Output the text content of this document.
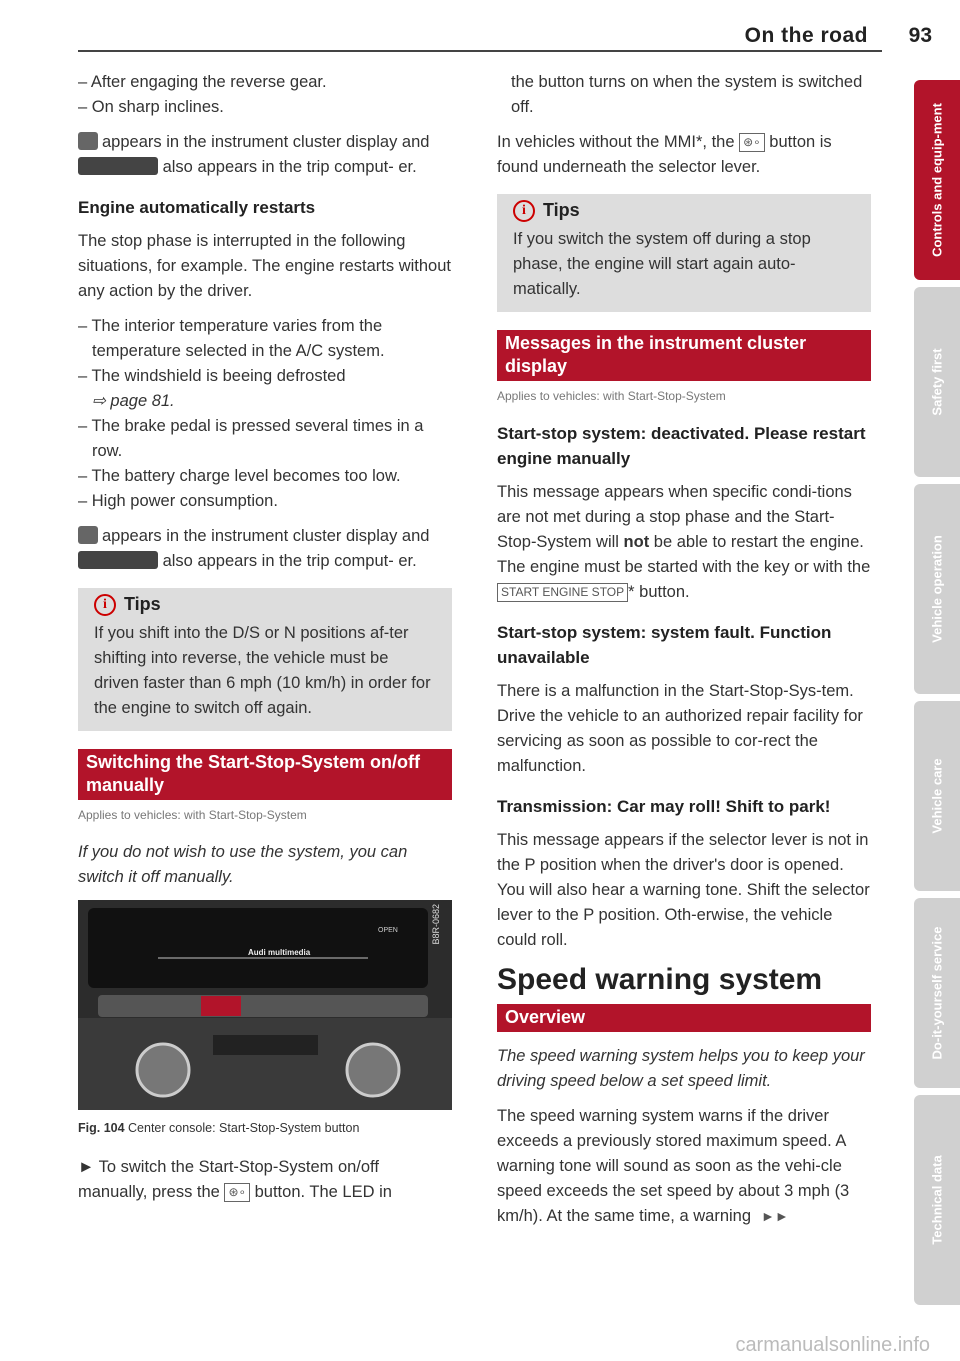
On the road 93

– After engaging the reverse gear.

– On sharp inclines.

appears in the instrument cluster display and  also appears in the trip comput- er.

Engine automatically restarts

The stop phase is interrupted in the following situations, for example. The engine restarts without any action by the driver.

– The interior temperature varies from the temperature selected in the A/C system.

– The windshield is beeing defrosted
⇨ page 81.

– The brake pedal is pressed several times in a row.

– The battery charge level becomes too low.

– High power consumption.

appears in the instrument cluster display and  also appears in the trip comput- er.

i Tips
If you shift into the D/S or N positions af-ter shifting into reverse, the vehicle must be driven faster than 6 mph (10 km/h) in order for the engine to switch off again.
Switching the Start-Stop-System on/off manually
Applies to vehicles: with Start-Stop-System

If you do not wish to use the system, you can switch it off manually.

Audi multimedia
OPEN	B8R-0682
Fig. 104 Center console: Start-Stop-System button

► To switch the Start-Stop-System on/off manually, press the ⊛∘ button. The LED in

the button turns on when the system is switched off.

In vehicles without the MMI*, the ⊛∘ button is found underneath the selector lever.

i Tips
If you switch the system off during a stop phase, the engine will start again auto-matically.
Messages in the instrument cluster display
Applies to vehicles: with Start-Stop-System
Start-stop system: deactivated. Please restart engine manually

This message appears when specific condi-tions are not met during a stop phase and the Start-Stop-System will not be able to restart the engine. The engine must be started with the key or with the START ENGINE STOP * button.

Start-stop system: system fault. Function unavailable

There is a malfunction in the Start-Stop-Sys-tem. Drive the vehicle to an authorized repair facility for servicing as soon as possible to cor-rect the malfunction.

Transmission: Car may roll! Shift to park!

This message appears if the selector lever is not in the P position when the driver's door is opened. You will also hear a warning tone. Shift the selector lever to the P position. Oth-erwise, the vehicle could roll.

Speed warning system
Overview

The speed warning system helps you to keep your driving speed below a set speed limit.

The speed warning system warns if the driver exceeds a previously stored maximum speed. A warning tone will sound as soon as the vehi-cle speed exceeds the set speed by about 3 mph (3 km/h). At the same time, a warning ►►

Controls and equip-ment
Safety first
Vehicle operation
Vehicle care
Do-it-yourself service
Technical data
carmanualsonline.info
